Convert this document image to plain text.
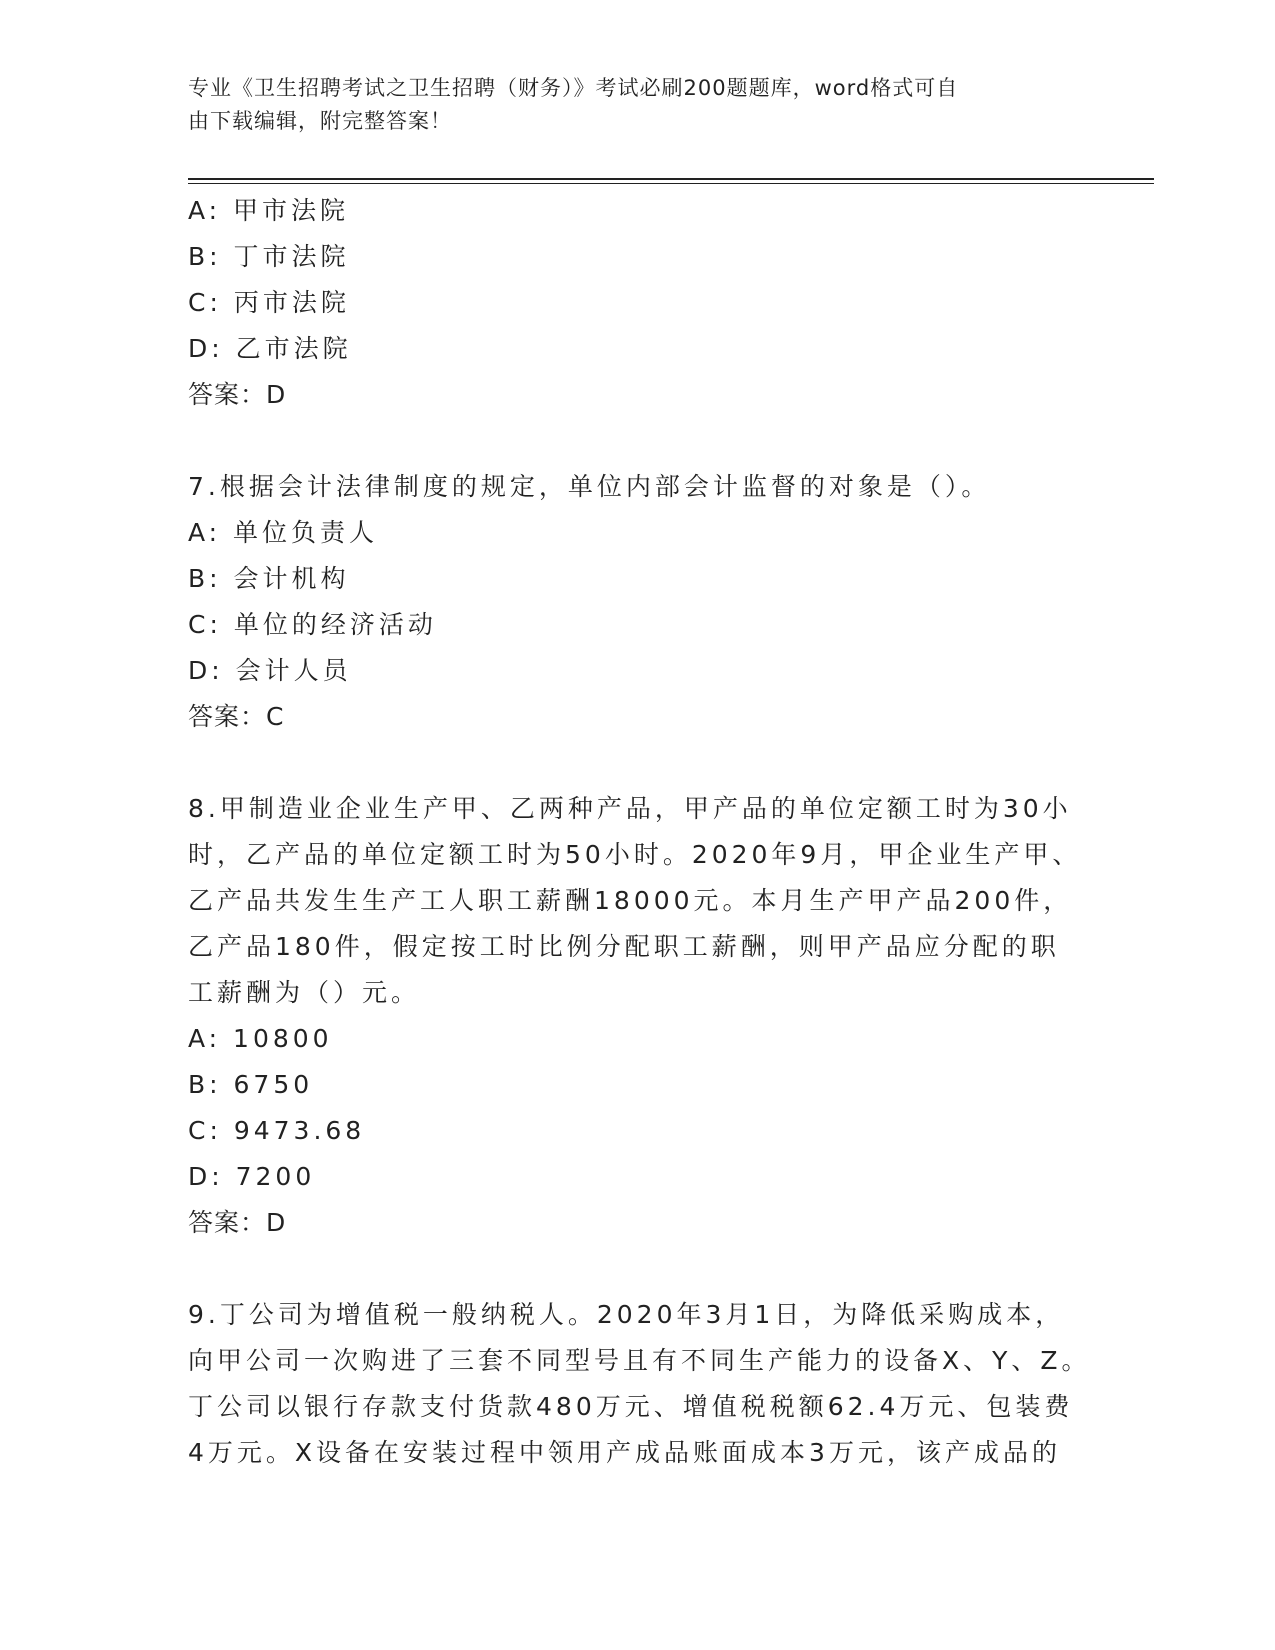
专业《卫生招聘考试之卫生招聘（财务）》考试必刷200题题库，word格式可自
由下载编辑，附完整答案！
A: 甲市法院
B: 丁市法院
C: 丙市法院
D: 乙市法院
答案：D
7.根据会计法律制度的规定，单位内部会计监督的对象是（）。
A: 单位负责人
B: 会计机构
C: 单位的经济活动
D: 会计人员
答案：C
8.甲制造业企业生产甲、乙两种产品，甲产品的单位定额工时为30小
时，乙产品的单位定额工时为50小时。2020年9月，甲企业生产甲、
乙产品共发生生产工人职工薪酬18000元。本月生产甲产品200件，
乙产品180件，假定按工时比例分配职工薪酬，则甲产品应分配的职
工薪酬为（）元。
A: 10800
B: 6750
C: 9473.68
D: 7200
答案：D
9.丁公司为增值税一般纳税人。2020年3月1日，为降低采购成本，
向甲公司一次购进了三套不同型号且有不同生产能力的设备X、Y、Z。
丁公司以银行存款支付货款480万元、增值税税额62.4万元、包装费
4万元。X设备在安装过程中领用产成品账面成本3万元，该产成品的
